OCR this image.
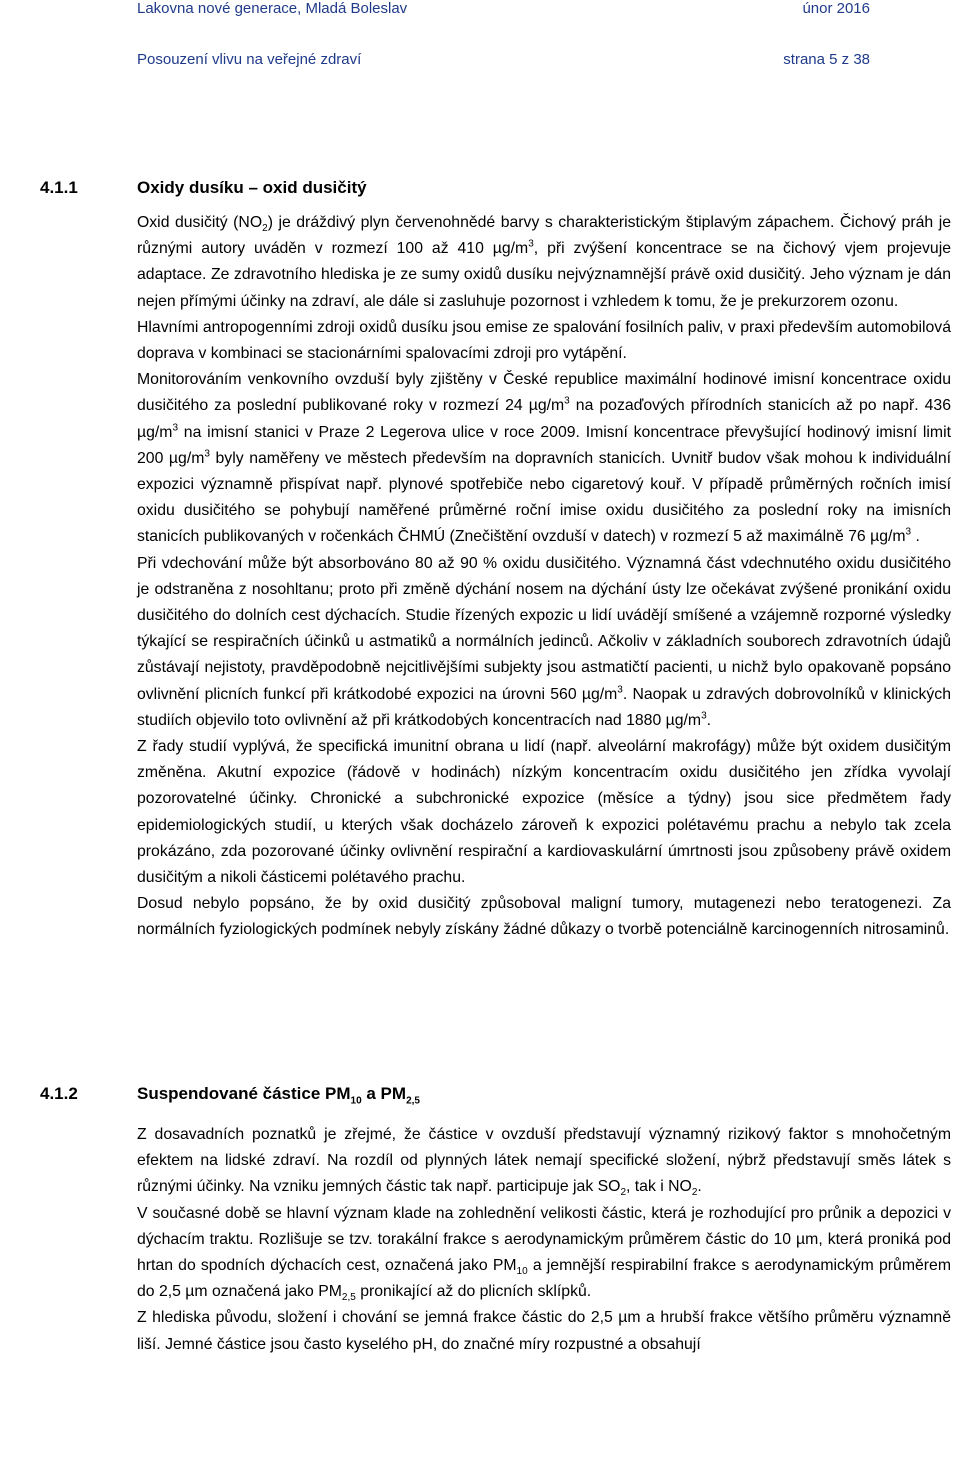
Lakovna nové generace, Mladá Boleslav	únor 2016
Posouzení vlivu na veřejné zdraví	strana 5 z 38
4.1.1	Oxidy dusíku – oxid dusičitý
Oxid dusičitý $(NO_2)$ je dráždivý plyn červenohnědé barvy s charakteristickým štiplavým zápachem. Čichový práh je různými autory uváděn v rozmezí 100 až 410 $\mu g/m^3$, při zvýšení koncentrace se na čichový vjem projevuje adaptace. Ze zdravotního hlediska je ze sumy oxidů dusíku nejvýznamnější právě oxid dusičitý. Jeho význam je dán nejen přímými účinky na zdraví, ale dále si zasluhuje pozornost i vzhledem k tomu, že je prekurzorem ozonu.
Hlavními antropogenními zdroji oxidů dusíku jsou emise ze spalování fosilních paliv, v praxi především automobilová doprava v kombinaci se stacionárními spalovacími zdroji pro vytápění.
Monitorováním venkovního ovzduší byly zjištěny v České republice maximální hodinové imisní koncentrace oxidu dusičitého za poslední publikované roky v rozmezí 24 $\mu g/m^3$ na pozaďových přírodních stanicích až po např. 436 $\mu g/m^3$ na imisní stanici v Praze 2 Legerova ulice v roce 2009. Imisní koncentrace převyšující hodinový imisní limit 200 $\mu g/m^3$ byly naměřeny ve městech především na dopravních stanicích. Uvnitř budov však mohou k individuální expozici významně přispívat např. plynové spotřebiče nebo cigaretový kouř. V případě průměrných ročních imisí oxidu dusičitého se pohybují naměřené průměrné roční imise oxidu dusičitého za poslední roky na imisních stanicích publikovaných v ročenkách ČHMÚ (Znečištění ovzduší v datech) v rozmezí 5 až maximálně 76 $\mu g/m^3$ .
Při vdechování může být absorbováno 80 až 90 % oxidu dusičitého. Významná část vdechnutého oxidu dusičitého je odstraněna z nosohltanu; proto při změně dýchání nosem na dýchání ústy lze očekávat zvýšené pronikání oxidu dusičitého do dolních cest dýchacích. Studie řízených expozic u lidí uvádějí smíšené a vzájemně rozporné výsledky týkající se respiračních účinků u astmatiků a normálních jedinců. Ačkoliv v základních souborech zdravotních údajů zůstávají nejistoty, pravděpodobně nejcitlivějšími subjekty jsou astmatičtí pacienti, u nichž bylo opakovaně popsáno ovlivnění plicních funkcí při krátkodobé expozici na úrovni 560 $\mu g/m^3$. Naopak u zdravých dobrovolníků v klinických studiích objevilo toto ovlivnění až při krátkodobých koncentracích nad 1880 $\mu g/m^3$.
Z řady studií vyplývá, že specifická imunitní obrana u lidí (např. alveolární makrofágy) může být oxidem dusičitým změněna. Akutní expozice (řádově v hodinách) nízkým koncentracím oxidu dusičitého jen zřídka vyvolají pozorovatelné účinky. Chronické a subchronické expozice (měsíce a týdny) jsou sice předmětem řady epidemiologických studií, u kterých však docházelo zároveň k expozici polétavému prachu a nebylo tak zcela prokázáno, zda pozorované účinky ovlivnění respirační a kardiovaskulární úmrtnosti jsou způsobeny právě oxidem dusičitým a nikoli částicemi polétavého prachu.
Dosud nebylo popsáno, že by oxid dusičitý způsoboval maligní tumory, mutagenezi nebo teratogenezi. Za normálních fyziologických podmínek nebyly získány žádné důkazy o tvorbě potenciálně karcinogenních nitrosaminů.
4.1.2	Suspendované částice $PM_{10}$ a $PM_{2,5}$
Z dosavadních poznatků je zřejmé, že částice v ovzduší představují významný rizikový faktor s mnohočetným efektem na lidské zdraví. Na rozdíl od plynných látek nemají specifické složení, nýbrž představují směs látek s různými účinky. Na vzniku jemných částic tak např. participuje jak $SO_2$, tak i $NO_2$.
V současné době se hlavní význam klade na zohlednění velikosti částic, která je rozhodující pro průnik a depozici v dýchacím traktu. Rozlišuje se tzv. torakální frakce s aerodynamickým průměrem částic do 10 µm, která proniká pod hrtan do spodních dýchacích cest, označená jako $PM_{10}$ a jemnější respirabilní frakce s aerodynamickým průměrem do 2,5 µm označená jako $PM_{2,5}$ pronikající až do plicních sklípků.
Z hlediska původu, složení i chování se jemná frakce částic do 2,5 µm a hrubší frakce většího průměru významně liší. Jemné částice jsou často kyselého pH, do značné míry rozpustné a obsahují
